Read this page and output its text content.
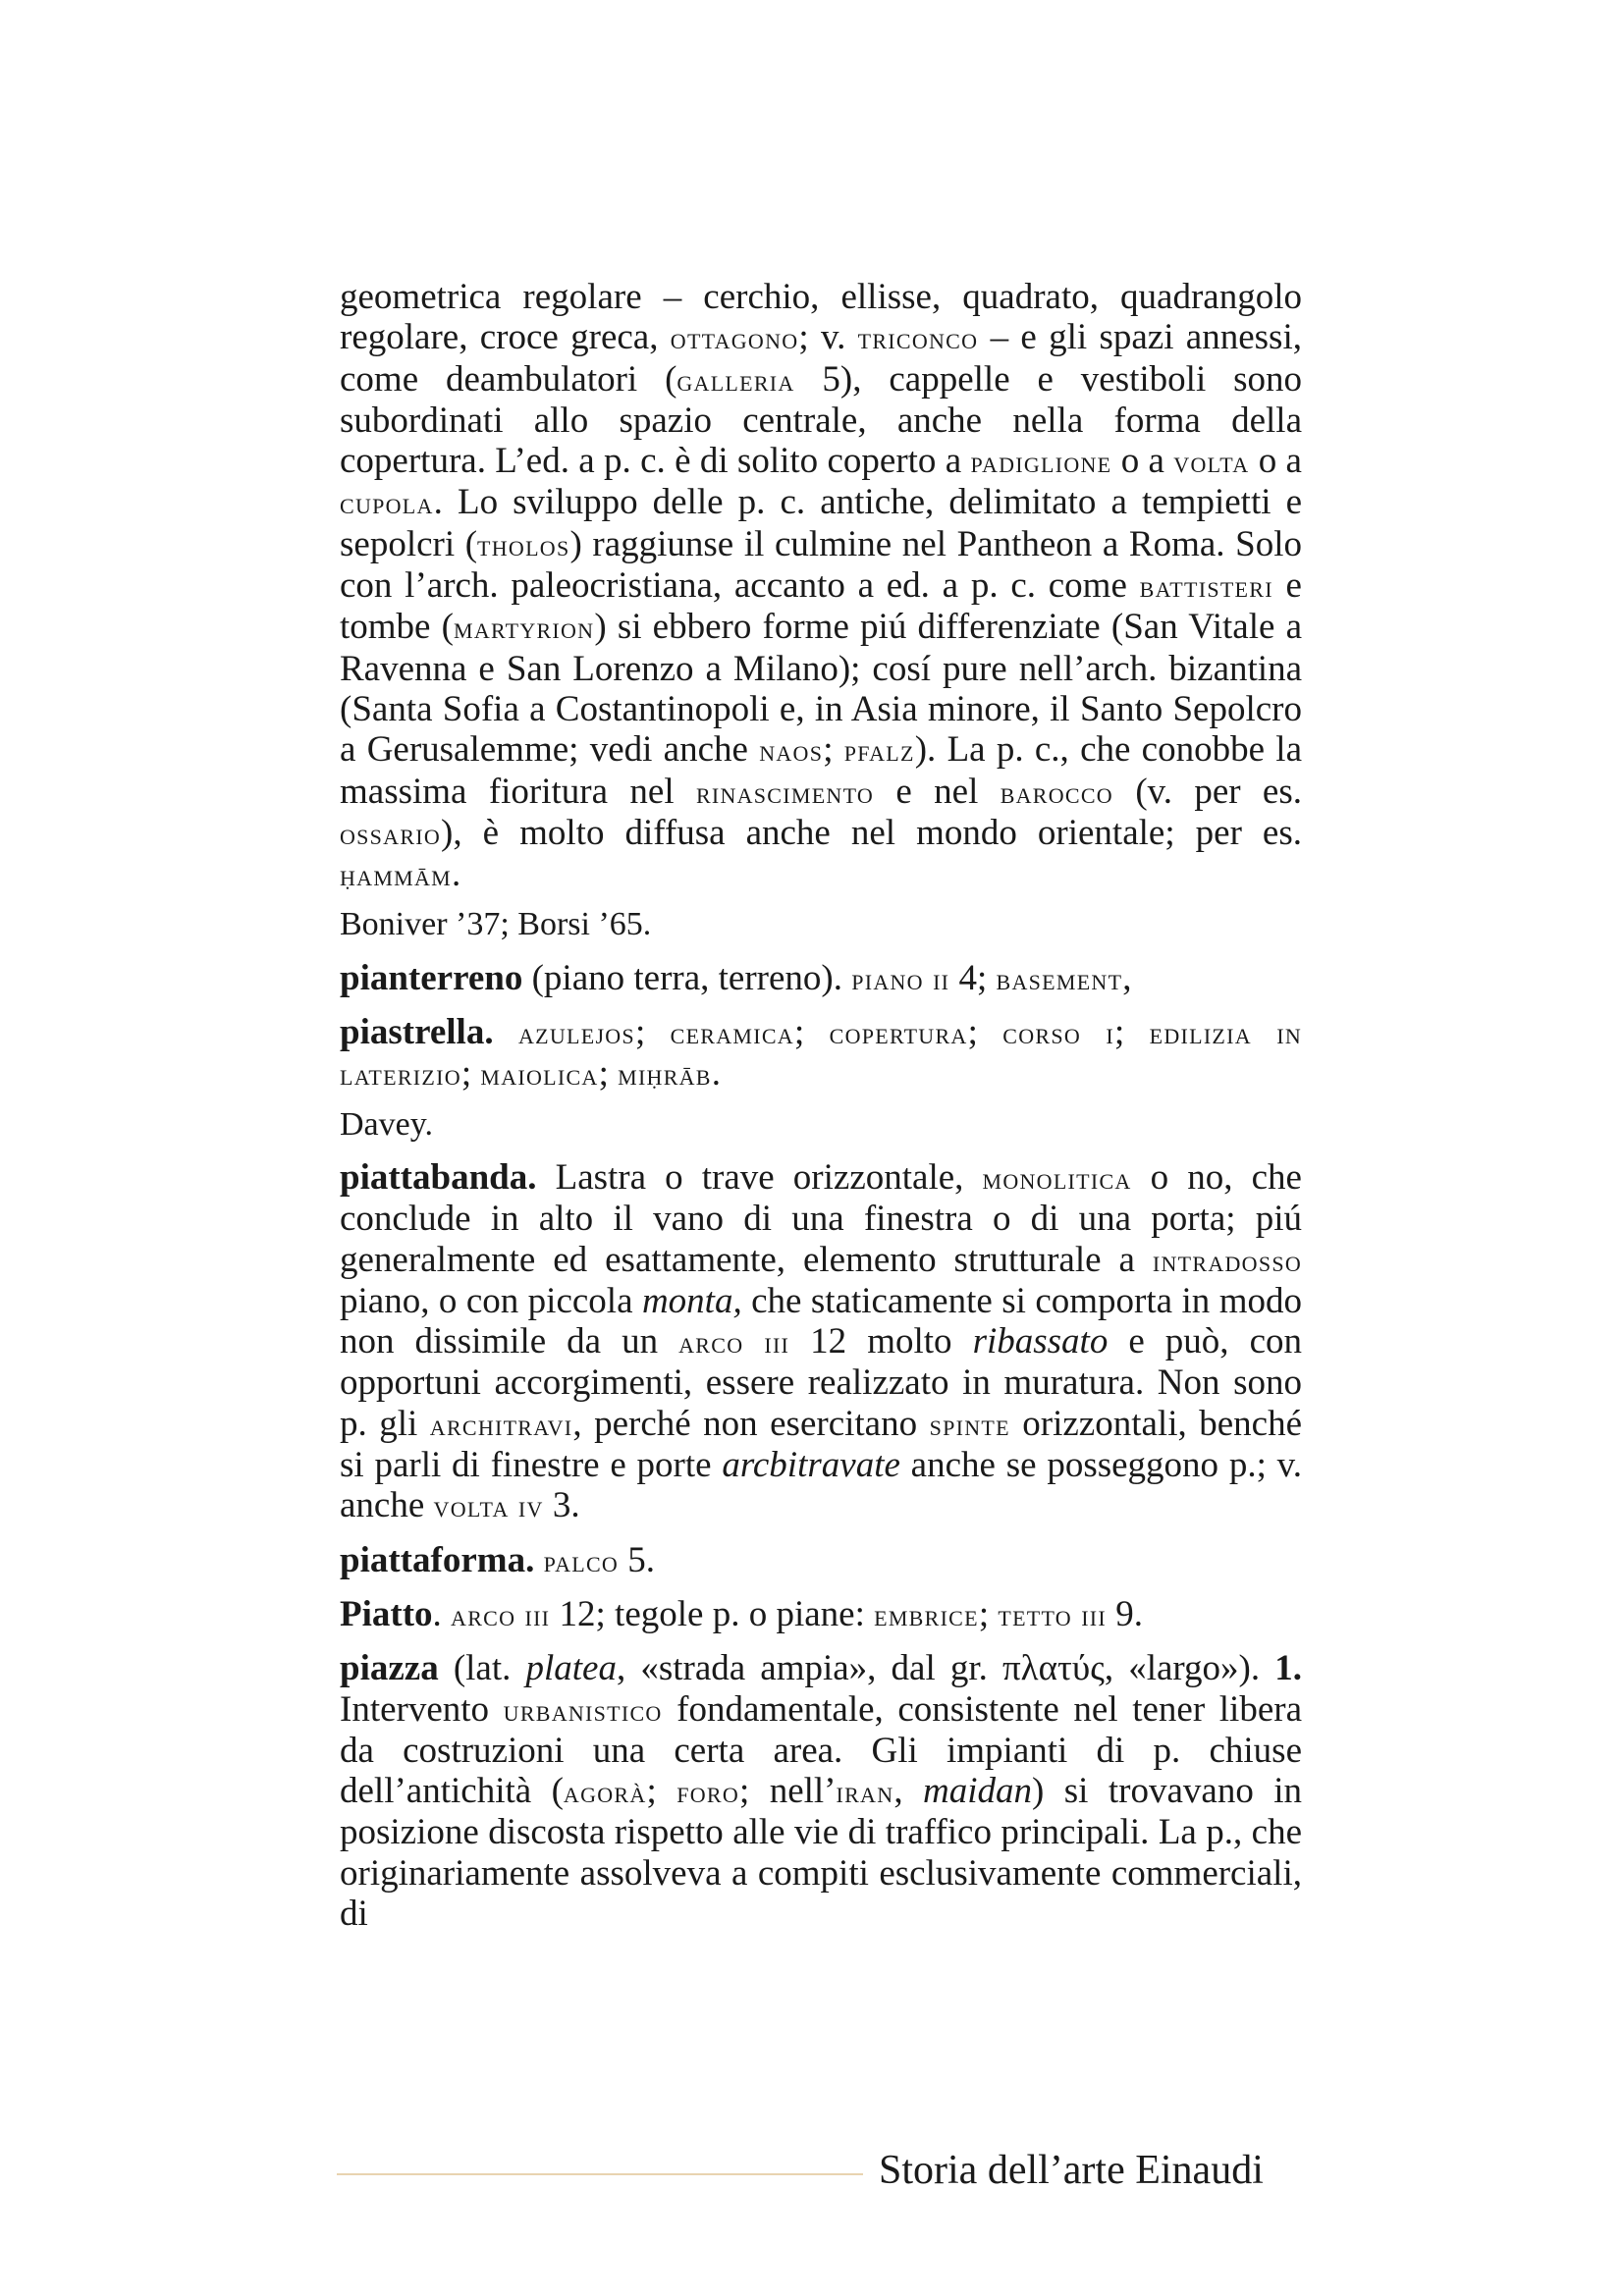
geometrica regolare – cerchio, ellisse, quadrato, quadrangolo regolare, croce greca, ottagono; v. triconco – e gli spazi annessi, come deambulatori (galleria 5), cappelle e vestiboli sono subordinati allo spazio centrale, anche nella forma della copertura. L’ed. a p. c. è di solito coperto a padiglione o a volta o a cupola. Lo sviluppo delle p. c. antiche, delimitato a tempietti e sepolcri (tholos) raggiunse il culmine nel Pantheon a Roma. Solo con l’arch. paleocristiana, accanto a ed. a p. c. come battisteri e tombe (martyrion) si ebbero forme piú differenziate (San Vitale a Ravenna e San Lorenzo a Milano); cosí pure nell’arch. bizantina (Santa Sofia a Costantinopoli e, in Asia minore, il Santo Sepolcro a Gerusalemme; vedi anche naos; pfalz). La p. c., che conobbe la massima fioritura nel rinascimento e nel barocco (v. per es. ossario), è molto diffusa anche nel mondo orientale; per es. ḥammām.

Boniver ’37; Borsi ’65.

pianterreno (piano terra, terreno). piano ii 4; basement,

piastrella. azulejos; ceramica; copertura; corso i; edilizia in laterizio; maiolica; miḥrāb.

Davey.

piattabanda. Lastra o trave orizzontale, monolitica o no, che conclude in alto il vano di una finestra o di una porta; piú generalmente ed esattamente, elemento strutturale a intradosso piano, o con piccola monta, che staticamente si comporta in modo non dissimile da un arco iii 12 molto ribassato e può, con opportuni accorgimenti, essere realizzato in muratura. Non sono p. gli architravi, perché non esercitano spinte orizzontali, benché si parli di finestre e porte arcbitravate anche se posseggono p.; v. anche volta iv 3.

piattaforma. palco 5.

Piatto. arco iii 12; tegole p. o piane: embrice; tetto iii 9.

piazza (lat. platea, «strada ampia», dal gr. πλατύς, «largo»). 1. Intervento urbanistico fondamentale, consistente nel tener libera da costruzioni una certa area. Gli impianti di p. chiuse dell’antichità (agorà; foro; nell’iran, maidan) si trovavano in posizione discosta rispetto alle vie di traffico principali. La p., che originariamente assolveva a compiti esclusivamente commerciali, di

Storia dell’arte Einaudi
